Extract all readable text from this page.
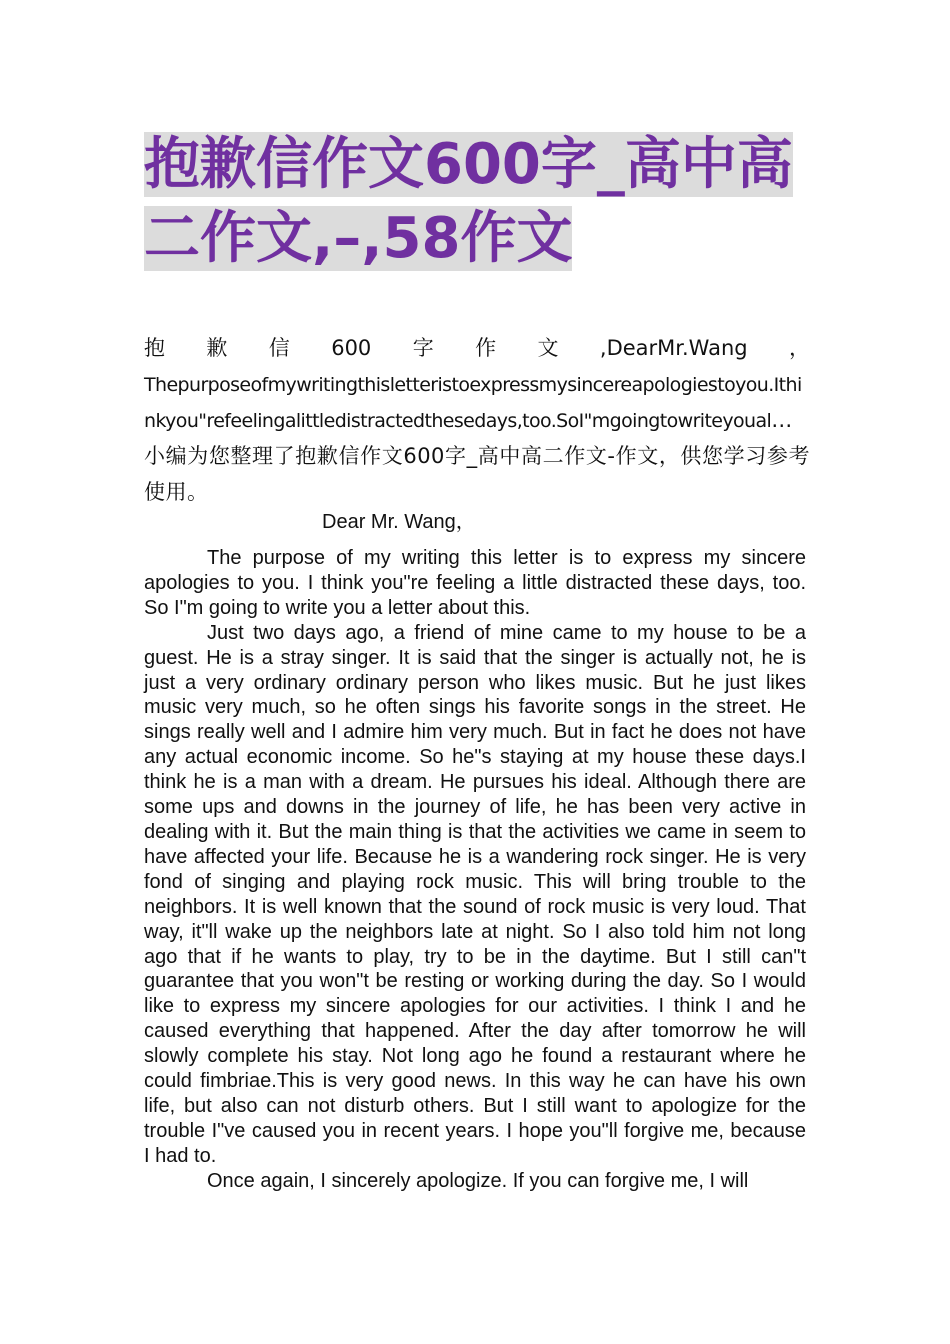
抱歉信作文600字_高中高二作文,–,58作文
抱　歉　信　600　字　作　文　,DearMr.Wang　，
Thepurposeofmywritingthisletteristoexpressmysincereapologiestoyou.Ithinkyou"refeelingalittledistractedthesedays,too.SoI"mgoingtowriteyoual…小编为您整理了抱歉信作文600字_高中高二作文-作文，供您学习参考使用。

Dear Mr. Wang，

The purpose of my writing this letter is to express my sincere apologies to you. I think you"re feeling a little distracted these days, too. So I"m going to write you a letter about this.

Just two days ago, a friend of mine came to my house to be a guest. He is a stray singer. It is said that the singer is actually not, he is just a very ordinary ordinary person who likes music. But he just likes music very much, so he often sings his favorite songs in the street. He sings really well and I admire him very much. But in fact he does not have any actual economic income. So he"s staying at my house these days.I think he is a man with a dream. He pursues his ideal. Although there are some ups and downs in the journey of life, he has been very active in dealing with it. But the main thing is that the activities we came in seem to have affected your life. Because he is a wandering rock singer. He is very fond of singing and playing rock music. This will bring trouble to the neighbors. It is well known that the sound of rock music is very loud. That way, it"ll wake up the neighbors late at night. So I also told him not long ago that if he wants to play, try to be in the daytime. But I still can"t guarantee that you won"t be resting or working during the day. So I would like to express my sincere apologies for our activities. I think I and he caused everything that happened. After the day after tomorrow he will slowly complete his stay. Not long ago he found a restaurant where he could fimbriae.This is very good news. In this way he can have his own life, but also can not disturb others. But I still want to apologize for the trouble I"ve caused you in recent years. I hope you"ll forgive me, because I had to.

Once again, I sincerely apologize. If you can forgive me, I will
